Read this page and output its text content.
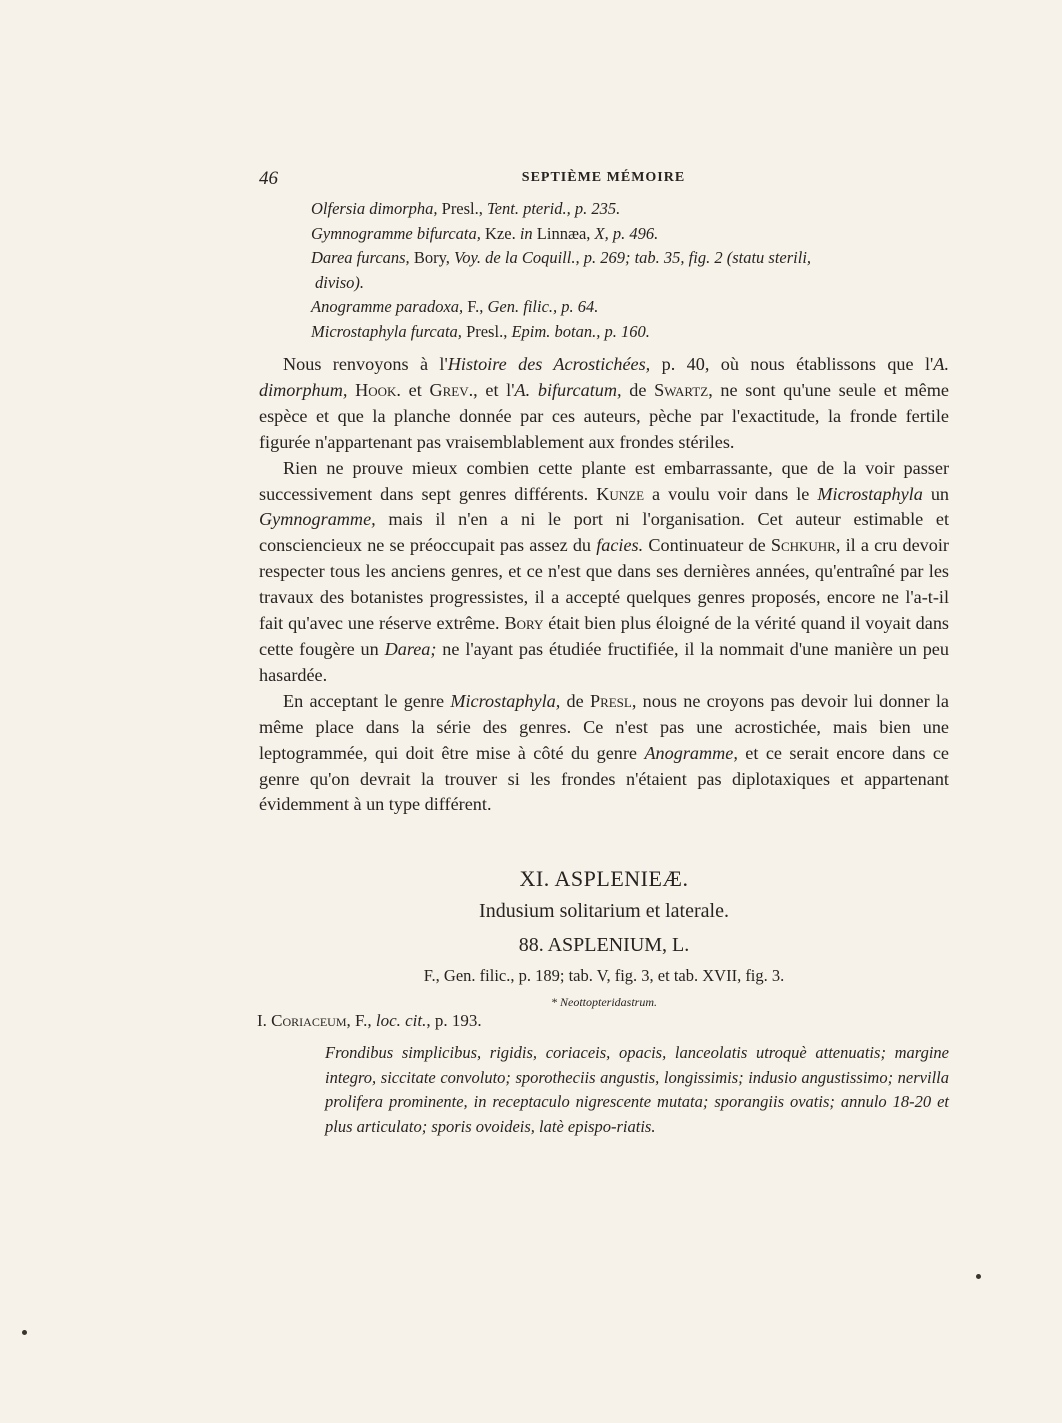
46	SEPTIÈME MÉMOIRE
Olfersia dimorpha, Presl., Tent. pterid., p. 235.
Gymnogramme bifurcata, Kze. in Linnæa, X, p. 496.
Darea furcans, Bory, Voy. de la Coquill., p. 269; tab. 35, fig. 2 (statu sterili,
diviso).
Anogramme paradoxa, F., Gen. filic., p. 64.
Microstaphyla furcata, Presl., Epim. botan., p. 160.

Nous renvoyons à l'Histoire des Acrostichées, p. 40, où nous établissons que l'A. dimorphum, Hook. et Grev., et l'A. bifurcatum, de Swartz, ne sont qu'une seule et même espèce et que la planche donnée par ces auteurs, pèche par l'exactitude, la fronde fertile figurée n'appartenant pas vraisemblablement aux frondes stériles.

Rien ne prouve mieux combien cette plante est embarrassante, que de la voir passer successivement dans sept genres différents. Kunze a voulu voir dans le Microstaphyla un Gymnogramme, mais il n'en a ni le port ni l'organisation. Cet auteur estimable et consciencieux ne se préoccupait pas assez du facies. Continuateur de Schkuhr, il a cru devoir respecter tous les anciens genres, et ce n'est que dans ses dernières années, qu'entraîné par les travaux des botanistes progressistes, il a accepté quelques genres proposés, encore ne l'a-t-il fait qu'avec une réserve extrême. Bory était bien plus éloigné de la vérité quand il voyait dans cette fougère un Darea; ne l'ayant pas étudiée fructifiée, il la nommait d'une manière un peu hasardée.

En acceptant le genre Microstaphyla, de Presl, nous ne croyons pas devoir lui donner la même place dans la série des genres. Ce n'est pas une acrostichée, mais bien une leptogrammée, qui doit être mise à côté du genre Anogramme, et ce serait encore dans ce genre qu'on devrait la trouver si les frondes n'étaient pas diplotaxiques et appartenant évidemment à un type différent.

XI. ASPLENIEÆ.
Indusium solitarium et laterale.
88. ASPLENIUM, L.
F., Gen. filic., p. 189; tab. V, fig. 3, et tab. XVII, fig. 3.
* Neottopteridastrum.
I. Coriaceum, F., loc. cit., p. 193.
Frondibus simplicibus, rigidis, coriaceis, opacis, lanceolatis utroquè attenuatis; margine integro, siccitate convoluto; sporotheciis angustis, longissimis; indusio angustissimo; nervilla prolifera prominente, in receptaculo nigrescente mutata; sporangiis ovatis; annulo 18-20 et plus articulato; sporis ovoideis, latè epispo-riatis.
